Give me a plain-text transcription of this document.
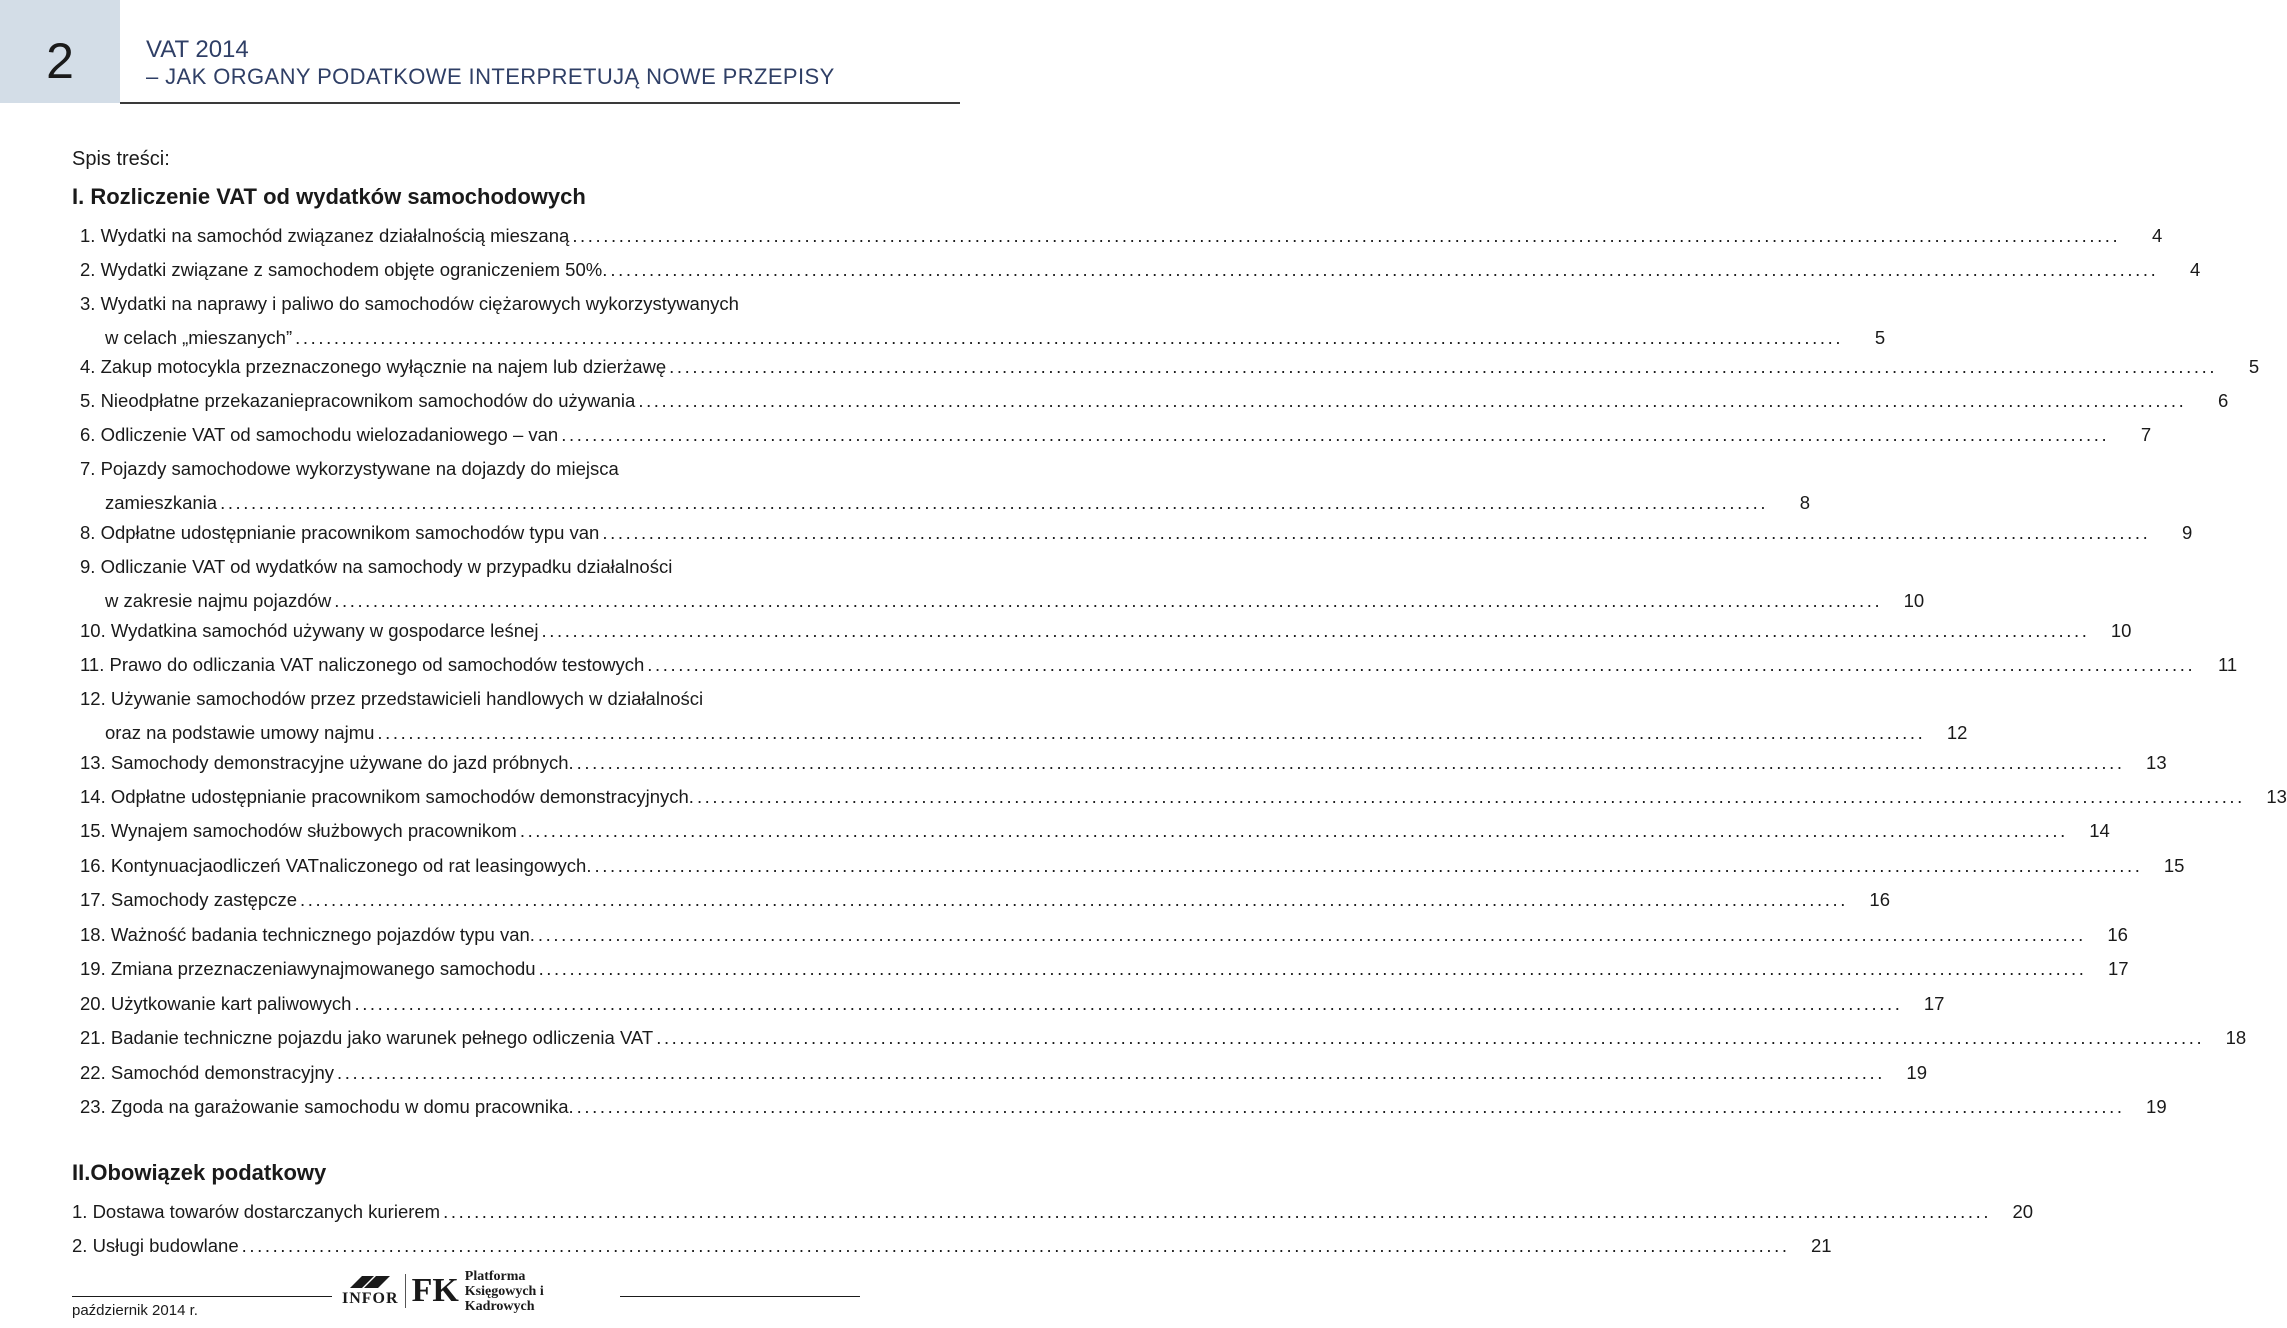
2	VAT 2014
– JAK ORGANY PODATKOWE INTERPRETUJĄ NOWE PRZEPISY
Spis treści:
I. Rozliczenie VAT od wydatków samochodowych
1. Wydatki na samochód związanez działalnością mieszaną ........................................................................................................................................................................................................	4
2. Wydatki związane z samochodem objęte ograniczeniem 50%. ........................................................................................................................................................................................................	4
3. Wydatki na naprawy i paliwo do samochodów ciężarowych wykorzystywanych
w celach „mieszanych” ........................................................................................................................................................................................................	5
4. Zakup motocykla przeznaczonego wyłącznie na najem lub dzierżawę ........................................................................................................................................................................................................	5
5. Nieodpłatne przekazaniepracownikom samochodów do używania ........................................................................................................................................................................................................	6
6. Odliczenie VAT od samochodu wielozadaniowego – van ........................................................................................................................................................................................................	7
7. Pojazdy samochodowe wykorzystywane na dojazdy do miejsca
zamieszkania ........................................................................................................................................................................................................	8
8. Odpłatne udostępnianie pracownikom samochodów typu van ........................................................................................................................................................................................................	9
9. Odliczanie VAT od wydatków na samochody w przypadku działalności
w zakresie najmu pojazdów ........................................................................................................................................................................................................ 10
10. Wydatkina samochód używany w gospodarce leśnej ........................................................................................................................................................................................................ 10
11. Prawo do odliczania VAT naliczonego od samochodów testowych ........................................................................................................................................................................................................	11
12. Używanie samochodów przez przedstawicieli handlowych w działalności
oraz na podstawie umowy najmu ........................................................................................................................................................................................................ 12
13. Samochody demonstracyjne używane do jazd próbnych. ........................................................................................................................................................................................................ 13
14. Odpłatne udostępnianie pracownikom samochodów demonstracyjnych. ........................................................................................................................................................................................................ 13
15. Wynajem samochodów służbowych pracownikom ........................................................................................................................................................................................................ 14
16. Kontynuacjaodliczeń VATnaliczonego od rat leasingowych. ........................................................................................................................................................................................................ 15
17. Samochody zastępcze ........................................................................................................................................................................................................ 16
18. Ważność badania technicznego pojazdów typu van. ........................................................................................................................................................................................................ 16
19. Zmiana przeznaczeniawynajmowanego samochodu ........................................................................................................................................................................................................ 17
20. Użytkowanie kart paliwowych ........................................................................................................................................................................................................ 17
21. Badanie techniczne pojazdu jako warunek pełnego odliczenia VAT ........................................................................................................................................................................................................ 18
22. Samochód demonstracyjny ........................................................................................................................................................................................................ 19
23. Zgoda na garażowanie samochodu w domu pracownika. ........................................................................................................................................................................................................ 19
II.Obowiązek podatkowy
1. Dostawa towarów dostarczanych kurierem ........................................................................................................................................................................................................ 20
2. Usługi budowlane ........................................................................................................................................................................................................ 21
październik 2014 r.
INFOR FK Platforma
Księgowych i Kadrowych
